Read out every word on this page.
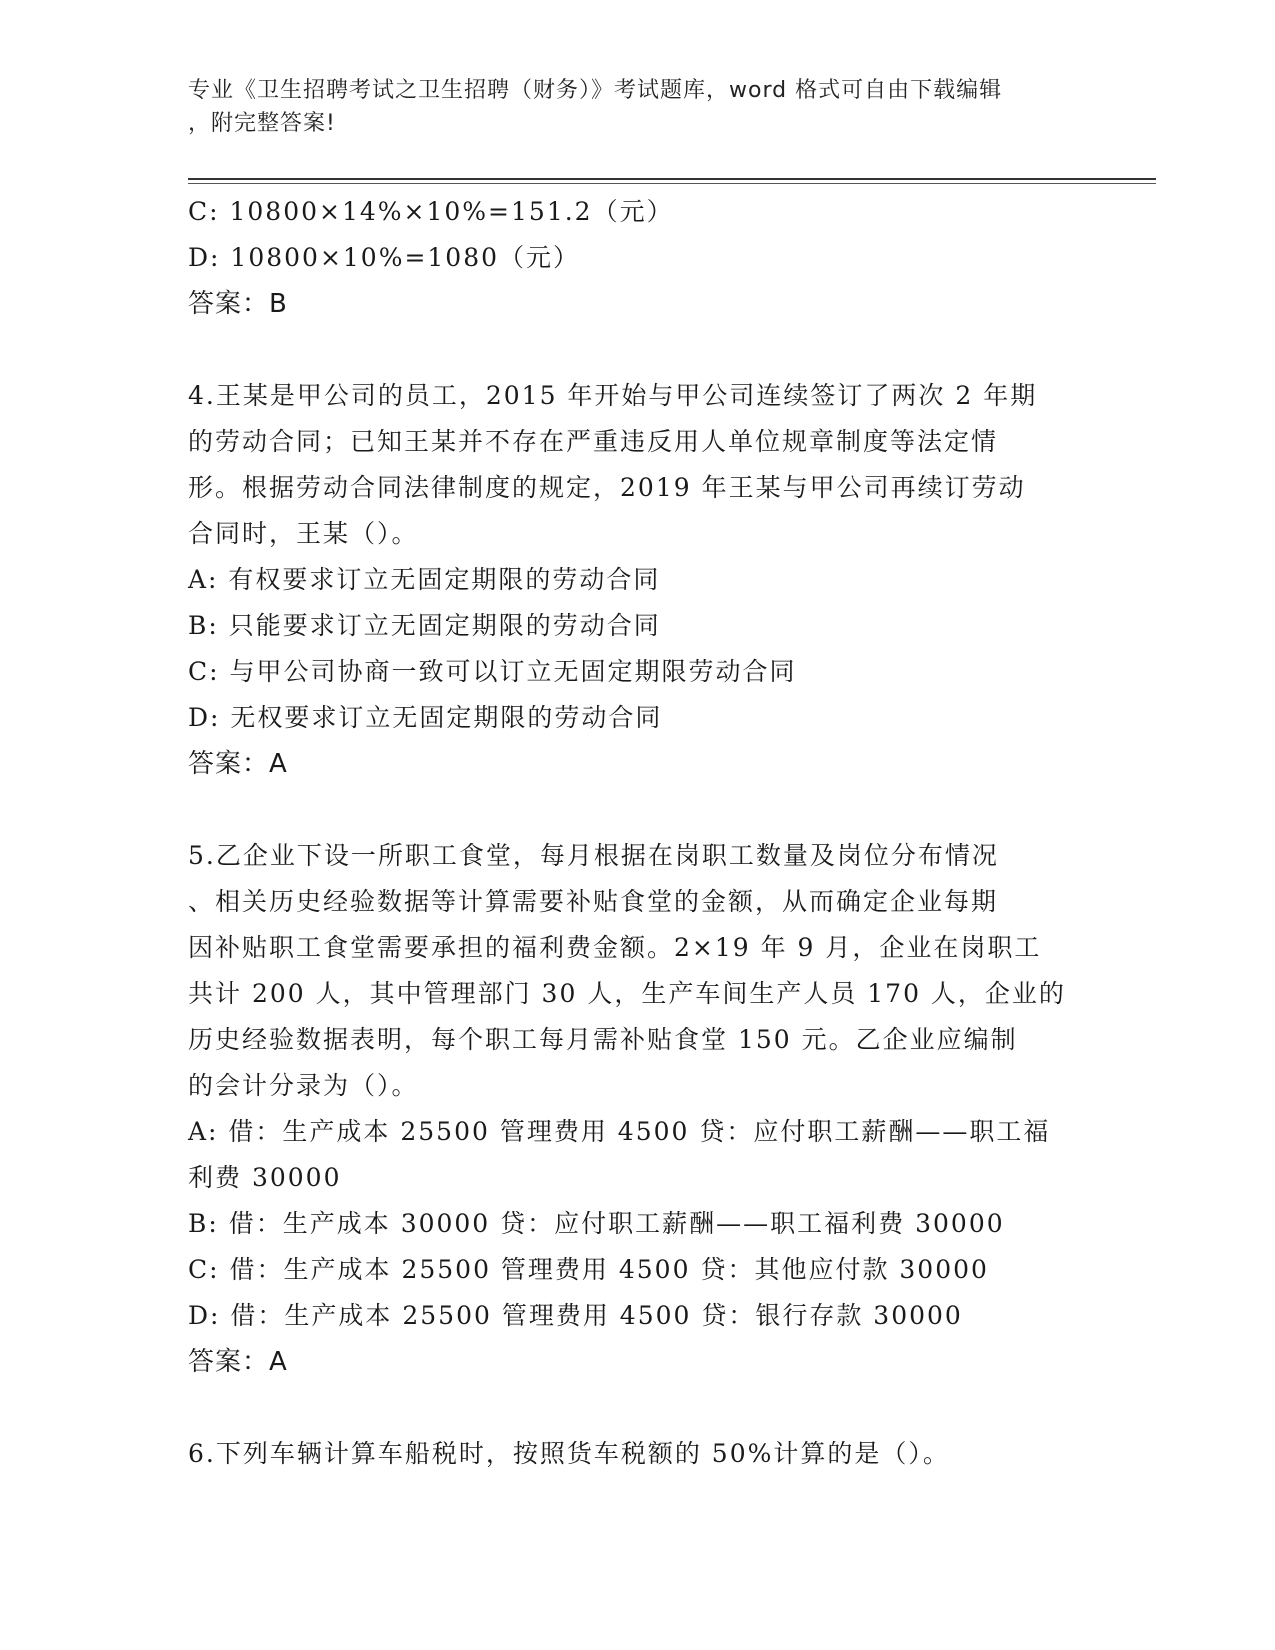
专业《卫生招聘考试之卫生招聘（财务）》考试题库，word 格式可自由下载编辑
，附完整答案!
C: 10800×14%×10%=151.2（元）
D: 10800×10%=1080（元）
答案：B
4.王某是甲公司的员工，2015 年开始与甲公司连续签订了两次 2 年期
的劳动合同；已知王某并不存在严重违反用人单位规章制度等法定情
形。根据劳动合同法律制度的规定，2019 年王某与甲公司再续订劳动
合同时，王某（）。
A: 有权要求订立无固定期限的劳动合同
B: 只能要求订立无固定期限的劳动合同
C: 与甲公司协商一致可以订立无固定期限劳动合同
D: 无权要求订立无固定期限的劳动合同
答案：A
5.乙企业下设一所职工食堂，每月根据在岗职工数量及岗位分布情况
、相关历史经验数据等计算需要补贴食堂的金额，从而确定企业每期
因补贴职工食堂需要承担的福利费金额。2×19 年 9 月，企业在岗职工
共计 200 人，其中管理部门 30 人，生产车间生产人员 170 人，企业的
历史经验数据表明，每个职工每月需补贴食堂 150 元。乙企业应编制
的会计分录为（）。
A: 借：生产成本 25500 管理费用 4500 贷：应付职工薪酬——职工福
利费 30000
B: 借：生产成本 30000 贷：应付职工薪酬——职工福利费 30000
C: 借：生产成本 25500 管理费用 4500 贷：其他应付款 30000
D: 借：生产成本 25500 管理费用 4500 贷：银行存款 30000
答案：A
6.下列车辆计算车船税时，按照货车税额的 50%计算的是（）。
